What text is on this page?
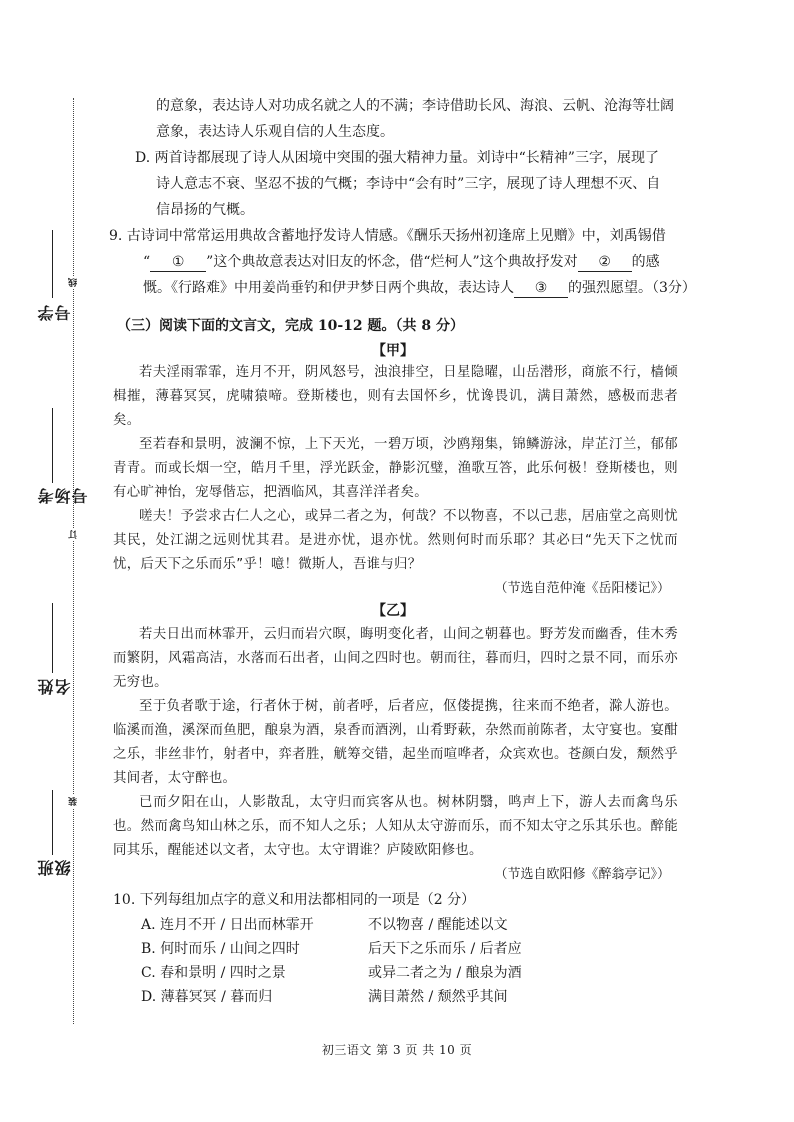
线
订
装
学号
考场号
姓名
班级
的意象，表达诗人对功成名就之人的不满；李诗借助长风、海浪、云帆、沧海等壮阔
意象，表达诗人乐观自信的人生态度。
D. 两首诗都展现了诗人从困境中突围的强大精神力量。刘诗中“长精神”三字，展现了
诗人意志不衰、坚忍不拔的气概；李诗中“会有时”三字，展现了诗人理想不灭、自
信昂扬的气概。
9. 古诗词中常常运用典故含蓄地抒发诗人情感。《酬乐天扬州初逢席上见赠》中，刘禹锡借
“ ① ”这个典故意表达对旧友的怀念，借“烂柯人”这个典故抒发对 ② 的感
慨。《行路难》中用姜尚垂钓和伊尹梦日两个典故，表达诗人 ③ 的强烈愿望。（3分）
（三）阅读下面的文言文，完成 10-12 题。（共 8 分）
【甲】

若夫淫雨霏霏，连月不开，阴风怒号，浊浪排空，日星隐曜，山岳潜形，商旅不行，樯倾楫摧，薄暮冥冥，虎啸猿啼。登斯楼也，则有去国怀乡，忧谗畏讥，满目萧然，感极而悲者矣。

至若春和景明，波澜不惊，上下天光，一碧万顷，沙鸥翔集，锦鳞游泳，岸芷汀兰，郁郁青青。而或长烟一空，皓月千里，浮光跃金，静影沉璧，渔歌互答，此乐何极！登斯楼也，则有心旷神怡，宠辱偕忘，把酒临风，其喜洋洋者矣。

嗟夫！予尝求古仁人之心，或异二者之为，何哉？不以物喜，不以己悲，居庙堂之高则忧其民，处江湖之远则忧其君。是进亦忧，退亦忧。然则何时而乐耶？其必曰“先天下之忧而忧，后天下之乐而乐”乎！噫！微斯人，吾谁与归？

（节选自范仲淹《岳阳楼记》）
【乙】

若夫日出而林霏开，云归而岩穴暝，晦明变化者，山间之朝暮也。野芳发而幽香，佳木秀而繁阴，风霜高洁，水落而石出者，山间之四时也。朝而往，暮而归，四时之景不同，而乐亦无穷也。

至于负者歌于途，行者休于树，前者呼，后者应，伛偻提携，往来而不绝者，滁人游也。临溪而渔，溪深而鱼肥，酿泉为酒，泉香而酒洌，山肴野蔌，杂然而前陈者，太守宴也。宴酣之乐，非丝非竹，射者中，弈者胜，觥筹交错，起坐而喧哗者，众宾欢也。苍颜白发，颓然乎其间者，太守醉也。

已而夕阳在山，人影散乱，太守归而宾客从也。树林阴翳，鸣声上下，游人去而禽鸟乐也。然而禽鸟知山林之乐，而不知人之乐；人知从太守游而乐，而不知太守之乐其乐也。醉能同其乐，醒能述以文者，太守也。太守谓谁？庐陵欧阳修也。

（节选自欧阳修《醉翁亭记》）
10. 下列每组加点字的意义和用法都相同的一项是（2 分）
A. 连月不开 / 日出而林霏开	不以物喜 / 醒能述以文
B. 何时而乐 / 山间之四时	后天下之乐而乐 / 后者应
C. 春和景明 / 四时之景	或异二者之为 / 酿泉为酒
D. 薄暮冥冥 / 暮而归	满目萧然 / 颓然乎其间
初三语文 第 3 页 共 10 页
